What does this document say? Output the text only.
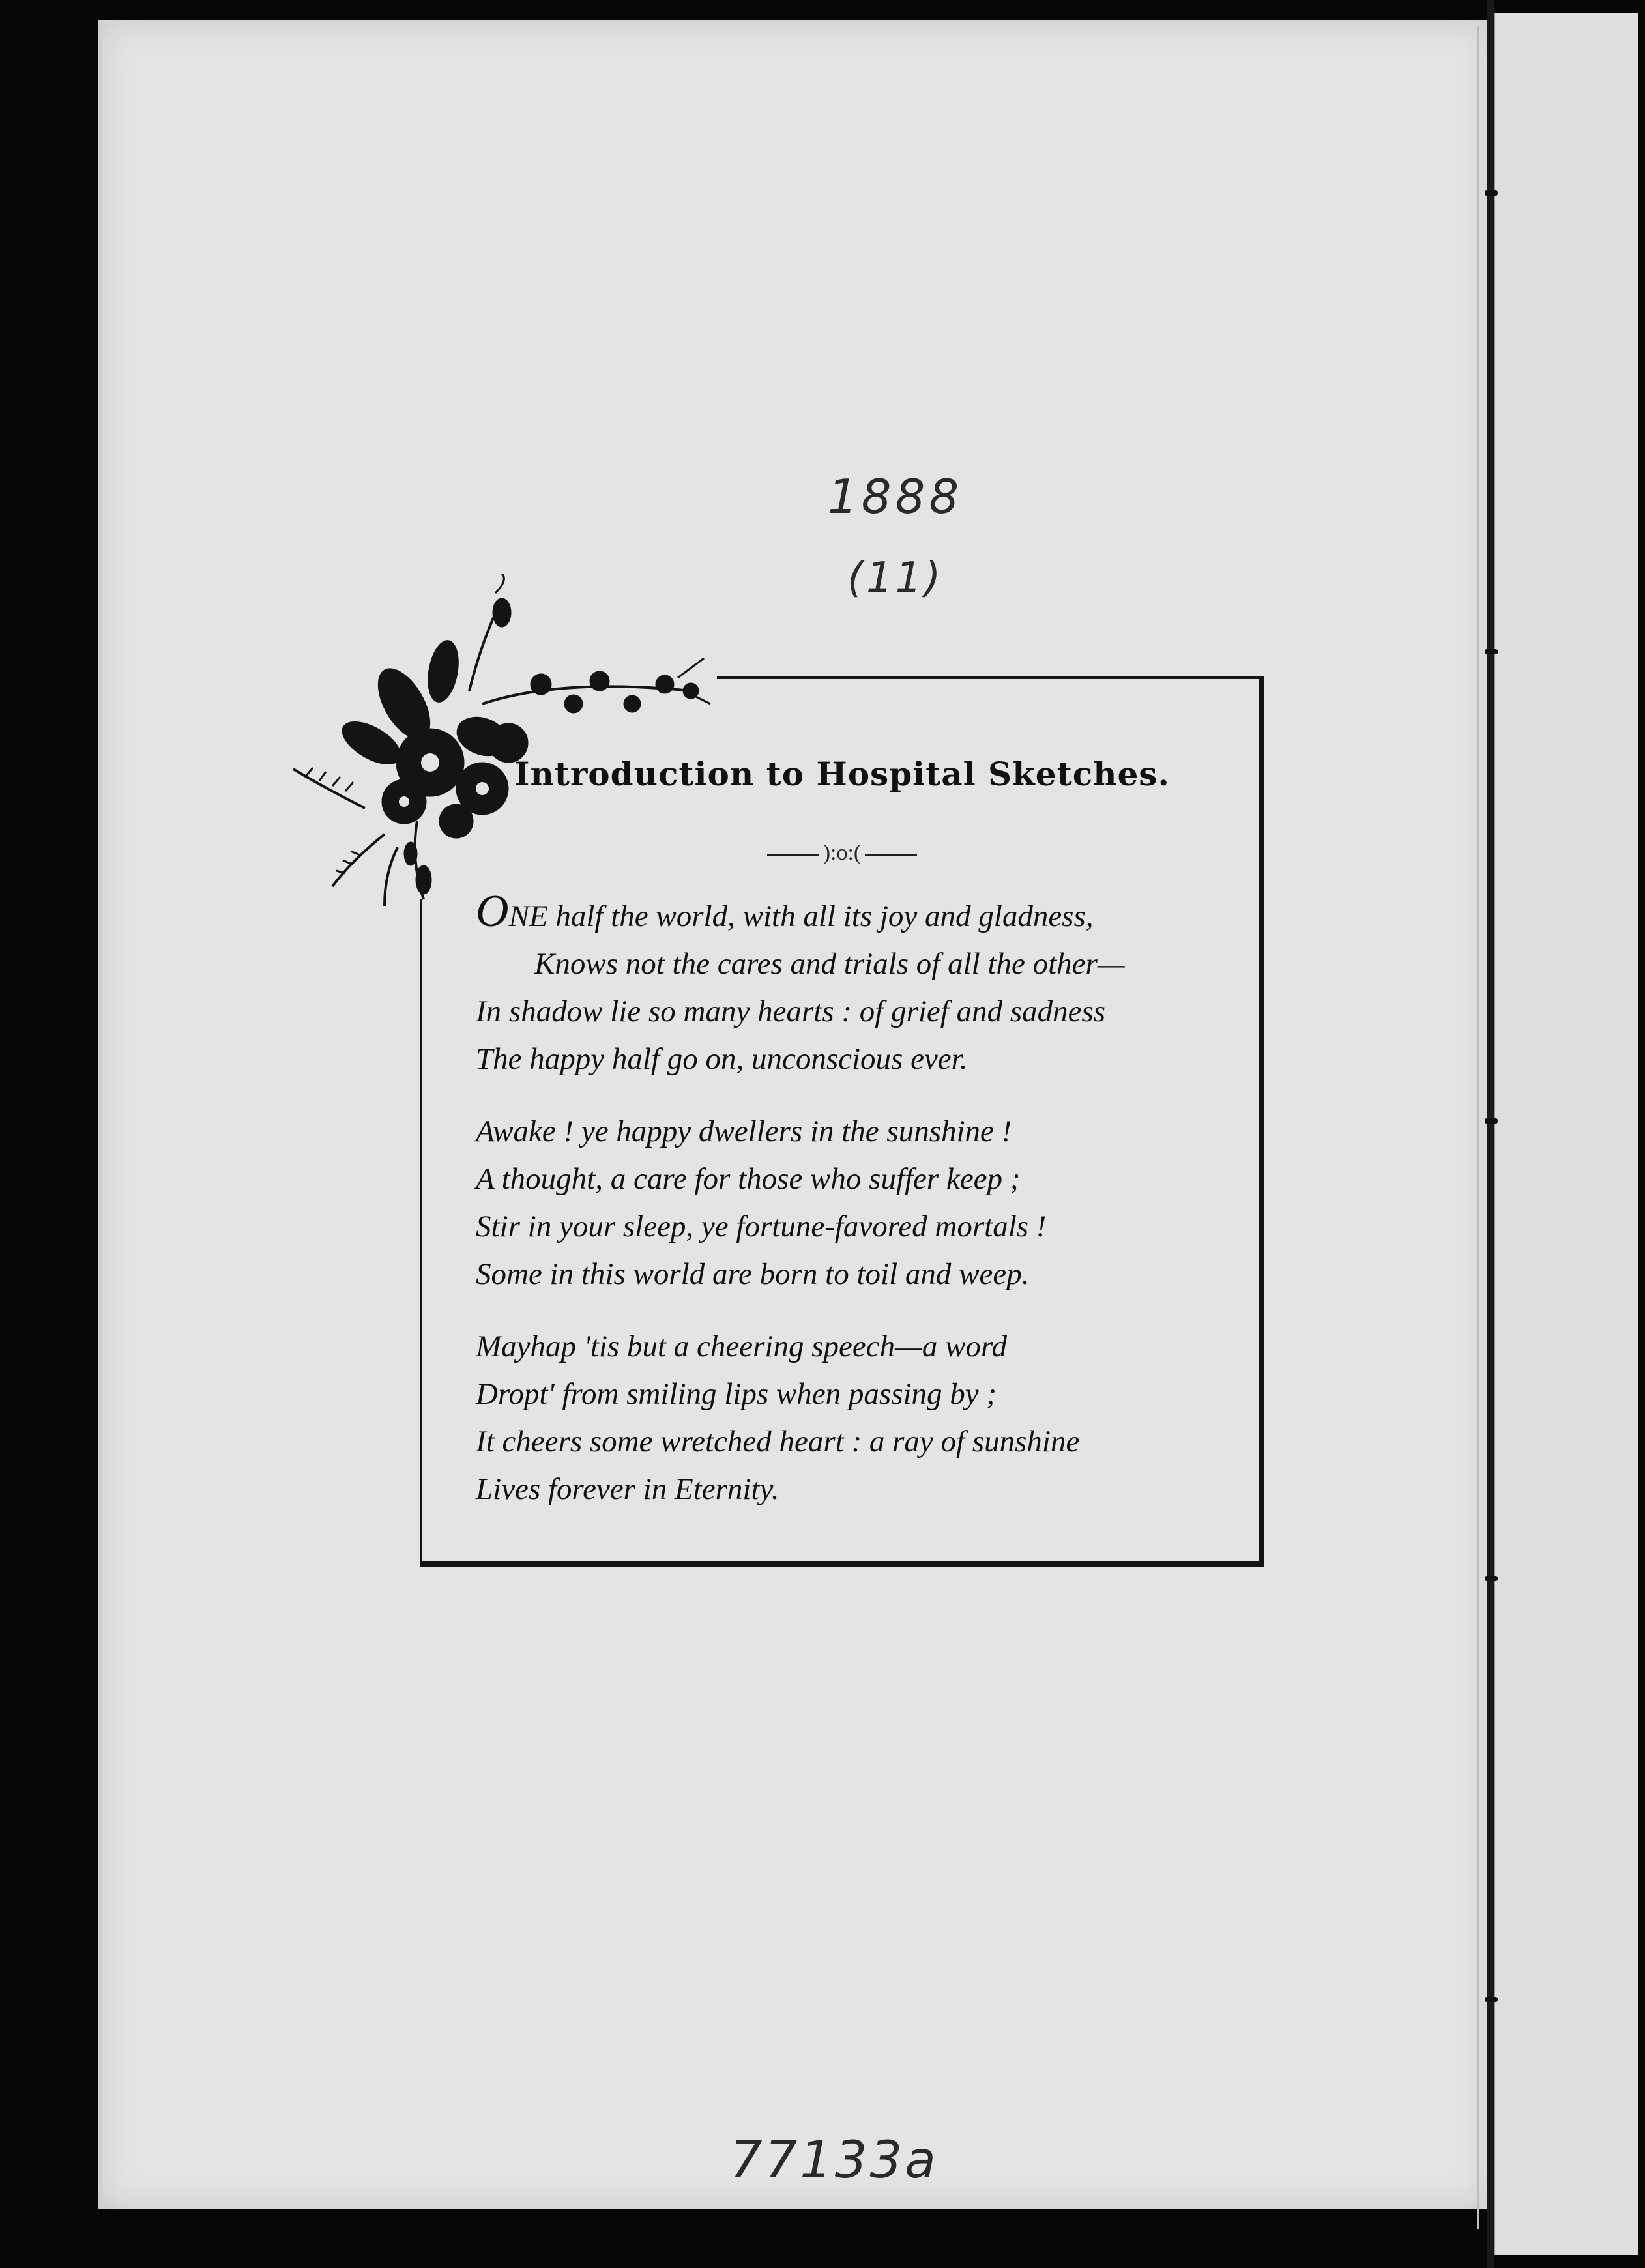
1888
(11)
77133a
Introduction to Hospital Sketches.
):o:(
ONE half the world, with all its joy and gladness,
Knows not the cares and trials of all the other—
In shadow lie so many hearts : of grief and sadness
The happy half go on, unconscious ever.
Awake ! ye happy dwellers in the sunshine !
A thought, a care for those who suffer keep ;
Stir in your sleep, ye fortune-favored mortals !
Some in this world are born to toil and weep.
Mayhap 'tis but a cheering speech—a word
Dropt' from smiling lips when passing by ;
It cheers some wretched heart : a ray of sunshine
Lives forever in Eternity.
